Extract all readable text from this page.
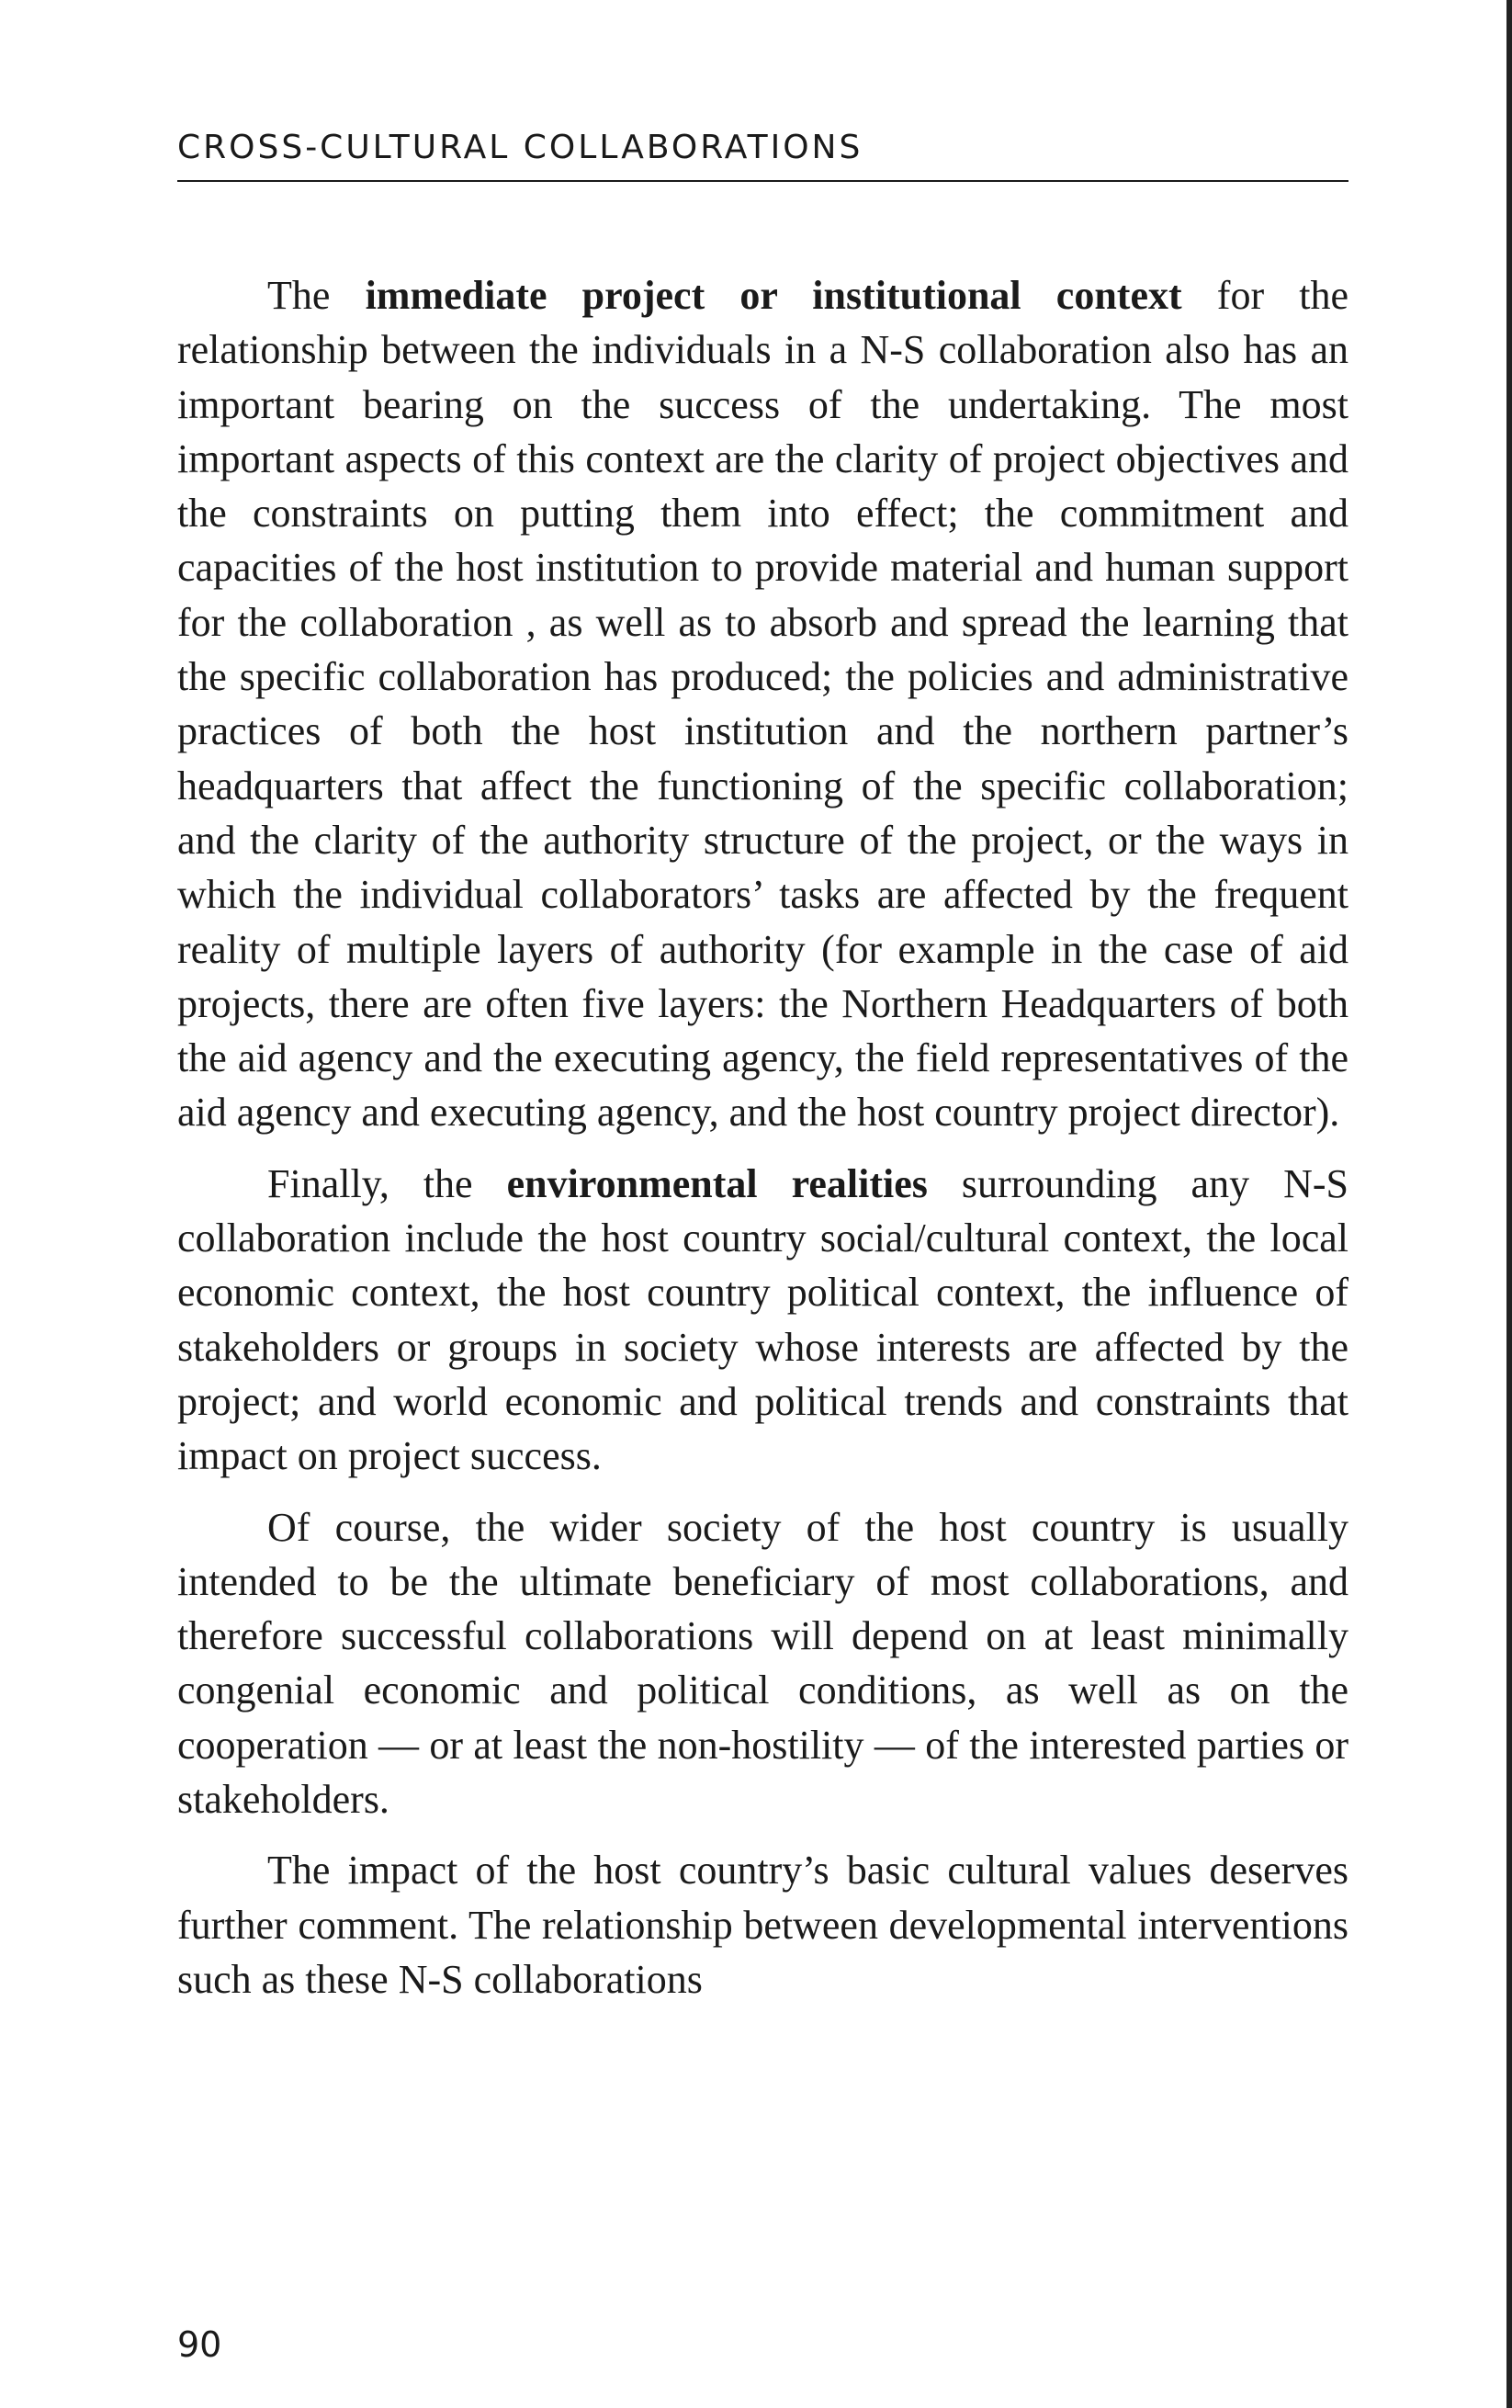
CROSS-CULTURAL COLLABORATIONS

The immediate project or institutional context for the relationship between the individuals in a N-S collaboration also has an important bearing on the success of the undertaking. The most important aspects of this context are the clarity of project objectives and the constraints on putting them into effect; the commitment and capacities of the host institution to provide material and human support for the collaboration , as well as to absorb and spread the learning that the specific collaboration has produced; the policies and administrative practices of both the host institution and the northern partner’s headquarters that affect the functioning of the specific collaboration; and the clarity of the authority structure of the project, or the ways in which the individual collaborators’ tasks are affected by the frequent reality of multiple layers of authority (for example in the case of aid projects, there are often five layers: the Northern Headquarters of both the aid agency and the executing agency, the field representatives of the aid agency and executing agency, and the host country project director).

Finally, the environmental realities surrounding any N-S collaboration include the host country social/cultural context, the local economic context, the host country political context, the influence of stakeholders or groups in society whose interests are affected by the project; and world economic and political trends and constraints that impact on project success.

Of course, the wider society of the host country is usually intended to be the ultimate beneficiary of most collaborations, and therefore successful collaborations will depend on at least minimally congenial economic and political conditions, as well as on the cooperation — or at least the non-hostility — of the interested parties or stakeholders.

The impact of the host country’s basic cultural values deserves further comment. The relationship between developmental interventions such as these N-S collaborations

90
